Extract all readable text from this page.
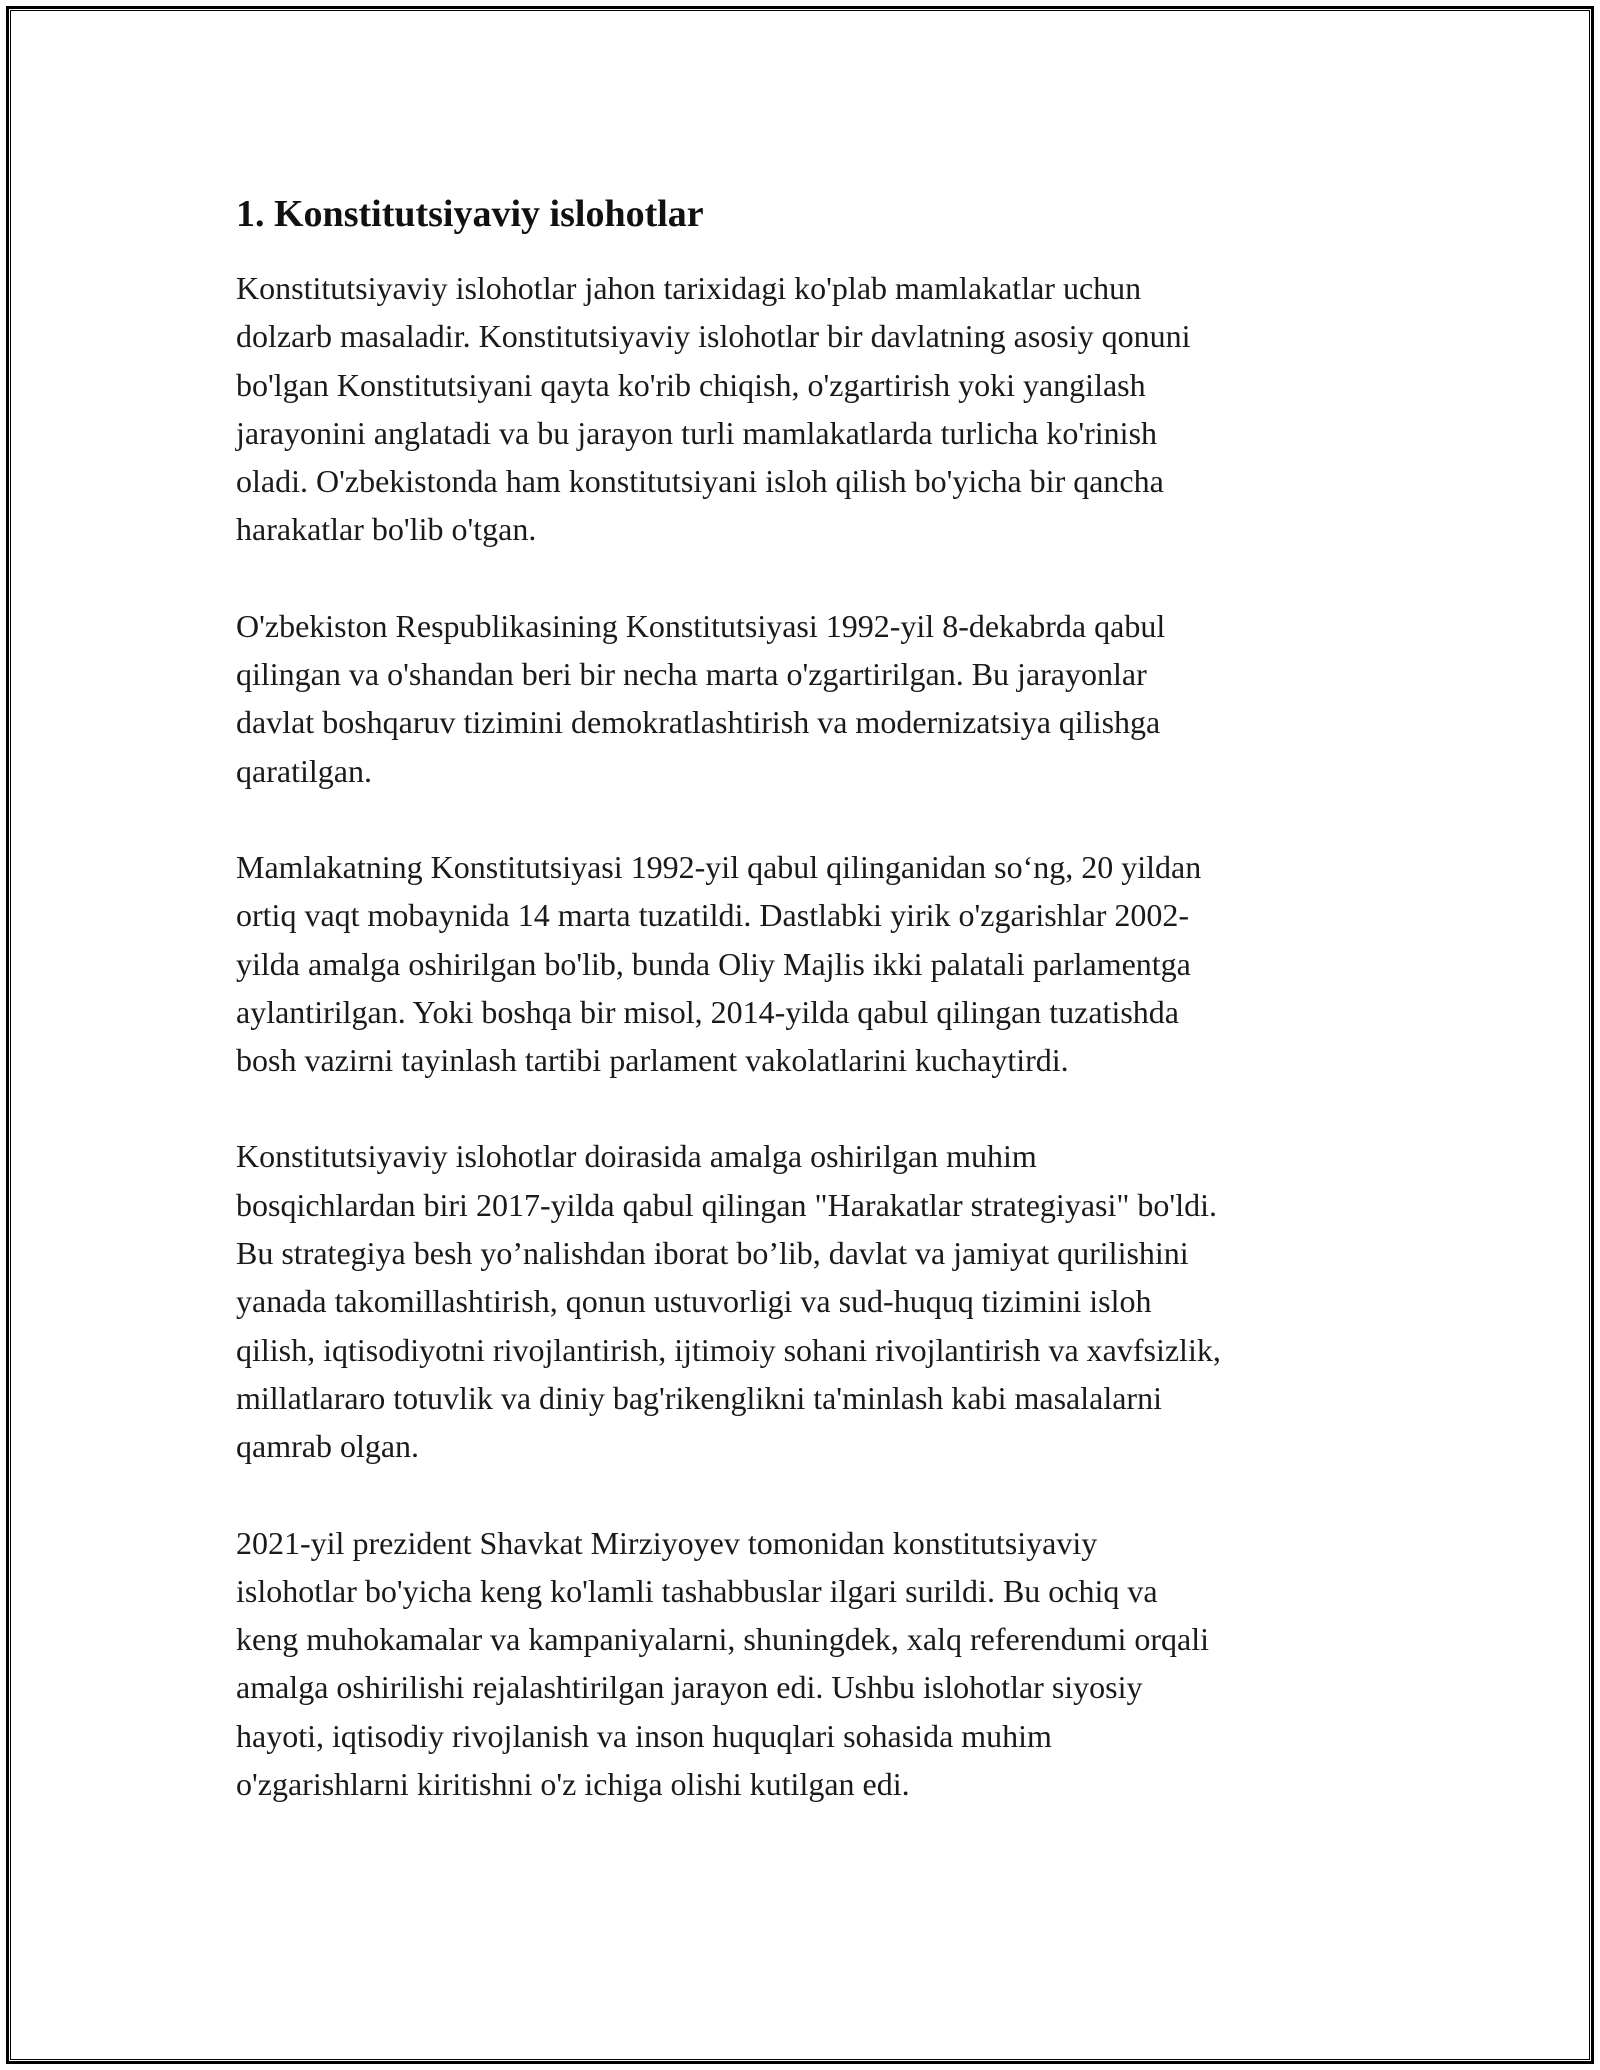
1. Konstitutsiyaviy islohotlar

Konstitutsiyaviy islohotlar jahon tarixidagi ko'plab mamlakatlar uchun
dolzarb masaladir. Konstitutsiyaviy islohotlar bir davlatning asosiy qonuni
bo'lgan Konstitutsiyani qayta ko'rib chiqish, o'zgartirish yoki yangilash
jarayonini anglatadi va bu jarayon turli mamlakatlarda turlicha ko'rinish
oladi. O'zbekistonda ham konstitutsiyani isloh qilish bo'yicha bir qancha
harakatlar bo'lib o'tgan.

O'zbekiston Respublikasining Konstitutsiyasi 1992-yil 8-dekabrda qabul
qilingan va o'shandan beri bir necha marta o'zgartirilgan. Bu jarayonlar
davlat boshqaruv tizimini demokratlashtirish va modernizatsiya qilishga
qaratilgan.

Mamlakatning Konstitutsiyasi 1992-yil qabul qilinganidan so‘ng, 20 yildan
ortiq vaqt mobaynida 14 marta tuzatildi. Dastlabki yirik o'zgarishlar 2002-
yilda amalga oshirilgan bo'lib, bunda Oliy Majlis ikki palatali parlamentga
aylantirilgan. Yoki boshqa bir misol, 2014-yilda qabul qilingan tuzatishda
bosh vazirni tayinlash tartibi parlament vakolatlarini kuchaytirdi.

Konstitutsiyaviy islohotlar doirasida amalga oshirilgan muhim
bosqichlardan biri 2017-yilda qabul qilingan "Harakatlar strategiyasi" bo'ldi.
Bu strategiya besh yo’nalishdan iborat bo’lib, davlat va jamiyat qurilishini
yanada takomillashtirish, qonun ustuvorligi va sud-huquq tizimini isloh
qilish, iqtisodiyotni rivojlantirish, ijtimoiy sohani rivojlantirish va xavfsizlik,
millatlararo totuvlik va diniy bag'rikenglikni ta'minlash kabi masalalarni
qamrab olgan.

2021-yil prezident Shavkat Mirziyoyev tomonidan konstitutsiyaviy
islohotlar bo'yicha keng ko'lamli tashabbuslar ilgari surildi. Bu ochiq va
keng muhokamalar va kampaniyalarni, shuningdek, xalq referendumi orqali
amalga oshirilishi rejalashtirilgan jarayon edi. Ushbu islohotlar siyosiy
hayoti, iqtisodiy rivojlanish va inson huquqlari sohasida muhim
o'zgarishlarni kiritishni o'z ichiga olishi kutilgan edi.
